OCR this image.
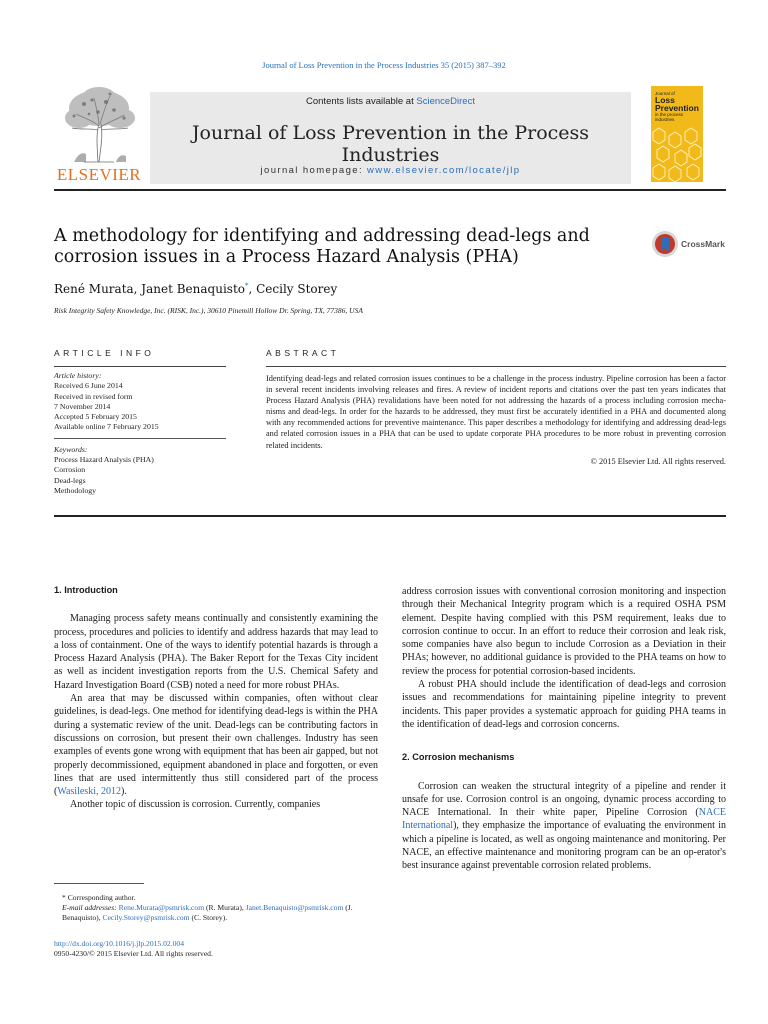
Journal of Loss Prevention in the Process Industries 35 (2015) 387–392
ELSEVIER
Contents lists available at ScienceDirect
Journal of Loss Prevention in the Process Industries
journal homepage: www.elsevier.com/locate/jlp
Journal of
Loss
Prevention
in the process industries
A methodology for identifying and addressing dead-legs and
corrosion issues in a Process Hazard Analysis (PHA)
CrossMark
René Murata, Janet Benaquisto*, Cecily Storey
Risk Integrity Safety Knowledge, Inc. (RISK, Inc.), 30610 Pinemill Hollow Dr. Spring, TX, 77386, USA
ARTICLE INFO	ABSTRACT
Article history:
Received 6 June 2014
Received in revised form
7 November 2014
Accepted 5 February 2015
Available online 7 February 2015
Keywords:
Process Hazard Analysis (PHA)
Corrosion
Dead-legs
Methodology
Identifying dead-legs and related corrosion issues continues to be a challenge in the process industry. Pipeline corrosion has been a factor in several recent incidents involving releases and fires. A review of incident reports and citations over the past ten years indicates that Process Hazard Analysis (PHA) revalidations have been noted for not addressing the hazards of a process including corrosion mecha-nisms and dead-legs. In order for the hazards to be addressed, they must first be accurately identified in a PHA and documented along with any recommended actions for preventive maintenance. This paper describes a methodology for identifying and addressing dead-legs and related corrosion issues in a PHA that can be used to update corporate PHA procedures to be more robust in preventing corrosion related incidents.
© 2015 Elsevier Ltd. All rights reserved.

1. Introduction

Managing process safety means continually and consistently examining the process, procedures and policies to identify and address hazards that may lead to a loss of containment. One of the ways to identify potential hazards is through a Process Hazard Analysis (PHA). The Baker Report for the Texas City incident as well as incident investigation reports from the U.S. Chemical Safety and Hazard Investigation Board (CSB) noted a need for more robust PHAs.

An area that may be discussed within companies, often without clear guidelines, is dead-legs. One method for identifying dead-legs is within the PHA during a systematic review of the unit. Dead-legs can be contributing factors in discussions on corrosion, but present their own challenges. Industry has seen examples of events gone wrong with equipment that has been air gapped, but not properly decommissioned, equipment abandoned in place and forgotten, or even lines that are used intermittently thus still considered part of the process (Wasileski, 2012).

Another topic of discussion is corrosion. Currently, companies

address corrosion issues with conventional corrosion monitoring and inspection through their Mechanical Integrity program which is a required OSHA PSM element. Despite having complied with this PSM requirement, leaks due to corrosion continue to occur. In an effort to reduce their corrosion and leak risk, some companies have also begun to include Corrosion as a Deviation in their PHAs; however, no additional guidance is provided to the PHA teams on how to review the process for potential corrosion-based incidents.

A robust PHA should include the identification of dead-legs and corrosion issues and recommendations for maintaining pipeline integrity to prevent incidents. This paper provides a systematic approach for guiding PHA teams in the identification of dead-legs and corrosion concerns.

2. Corrosion mechanisms

Corrosion can weaken the structural integrity of a pipeline and render it unsafe for use. Corrosion control is an ongoing, dynamic process according to NACE International. In their white paper, Pipeline Corrosion (NACE International), they emphasize the importance of evaluating the environment in which a pipeline is located, as well as ongoing maintenance and monitoring. Per NACE, an effective maintenance and monitoring program can be an op-erator's best insurance against preventable corrosion related problems.

* Corresponding author.
E-mail addresses: Rene.Murata@psmrisk.com (R. Murata), Janet.Benaquisto@psmrisk.com (J. Benaquisto), Cecily.Storey@psmrisk.com (C. Storey).
http://dx.doi.org/10.1016/j.jlp.2015.02.004
0950-4230/© 2015 Elsevier Ltd. All rights reserved.
